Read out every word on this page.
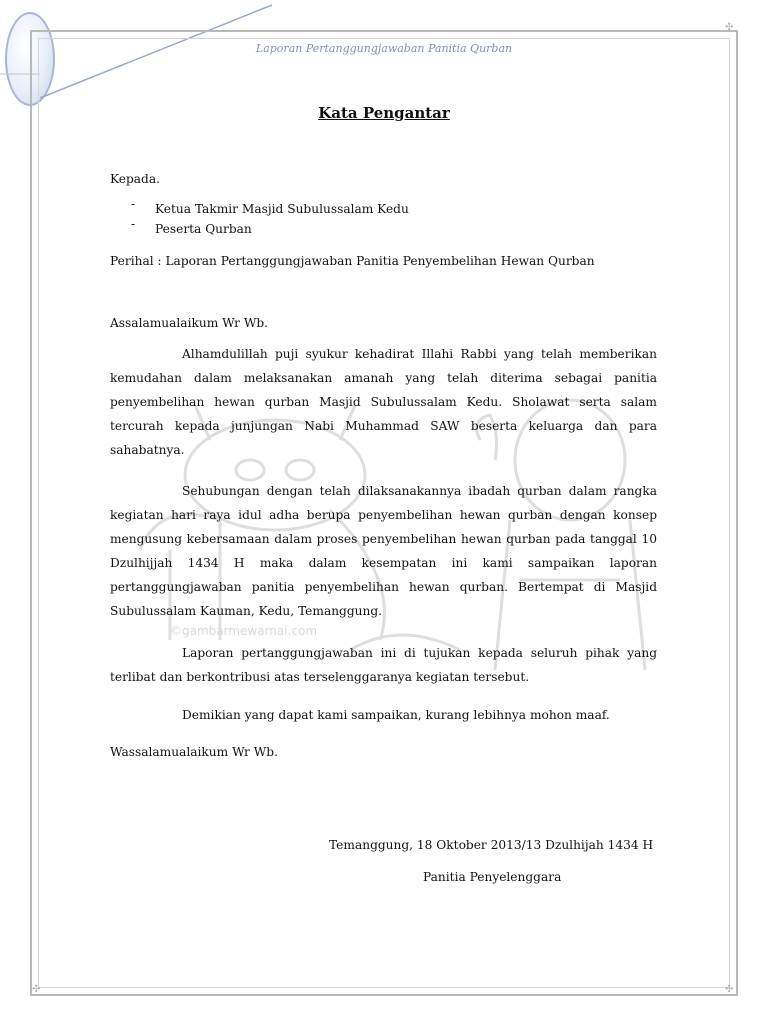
✣
✣
✣
Laporan Pertanggungjawaban Panitia Qurban
©gambarmewarnai.com
Kata Pengantar
Kepada.
- Ketua Takmir Masjid Subulussalam Kedu
- Peserta Qurban
Perihal : Laporan Pertanggungjawaban Panitia Penyembelihan Hewan Qurban
Assalamualaikum Wr Wb.
Alhamdulillah puji syukur kehadirat Illahi Rabbi yang telah memberikan kemudahan dalam melaksanakan amanah yang telah diterima sebagai panitia penyembelihan hewan qurban Masjid Subulussalam Kedu. Sholawat serta salam tercurah kepada junjungan Nabi Muhammad SAW beserta keluarga dan para sahabatnya.
Sehubungan dengan telah dilaksanakannya ibadah qurban dalam rangka kegiatan hari raya idul adha berupa penyembelihan hewan qurban dengan konsep mengusung kebersamaan dalam proses penyembelihan hewan qurban pada tanggal 10 Dzulhijjah 1434 H maka dalam kesempatan ini kami sampaikan laporan pertanggungjawaban panitia penyembelihan hewan qurban. Bertempat di Masjid Subulussalam Kauman, Kedu, Temanggung.
Laporan pertanggungjawaban ini di tujukan kepada seluruh pihak yang terlibat dan berkontribusi atas terselenggaranya kegiatan tersebut.
Demikian yang dapat kami sampaikan, kurang lebihnya mohon maaf.
Wassalamualaikum Wr Wb.
Temanggung, 18 Oktober 2013/13 Dzulhijah 1434 H
Panitia Penyelenggara
